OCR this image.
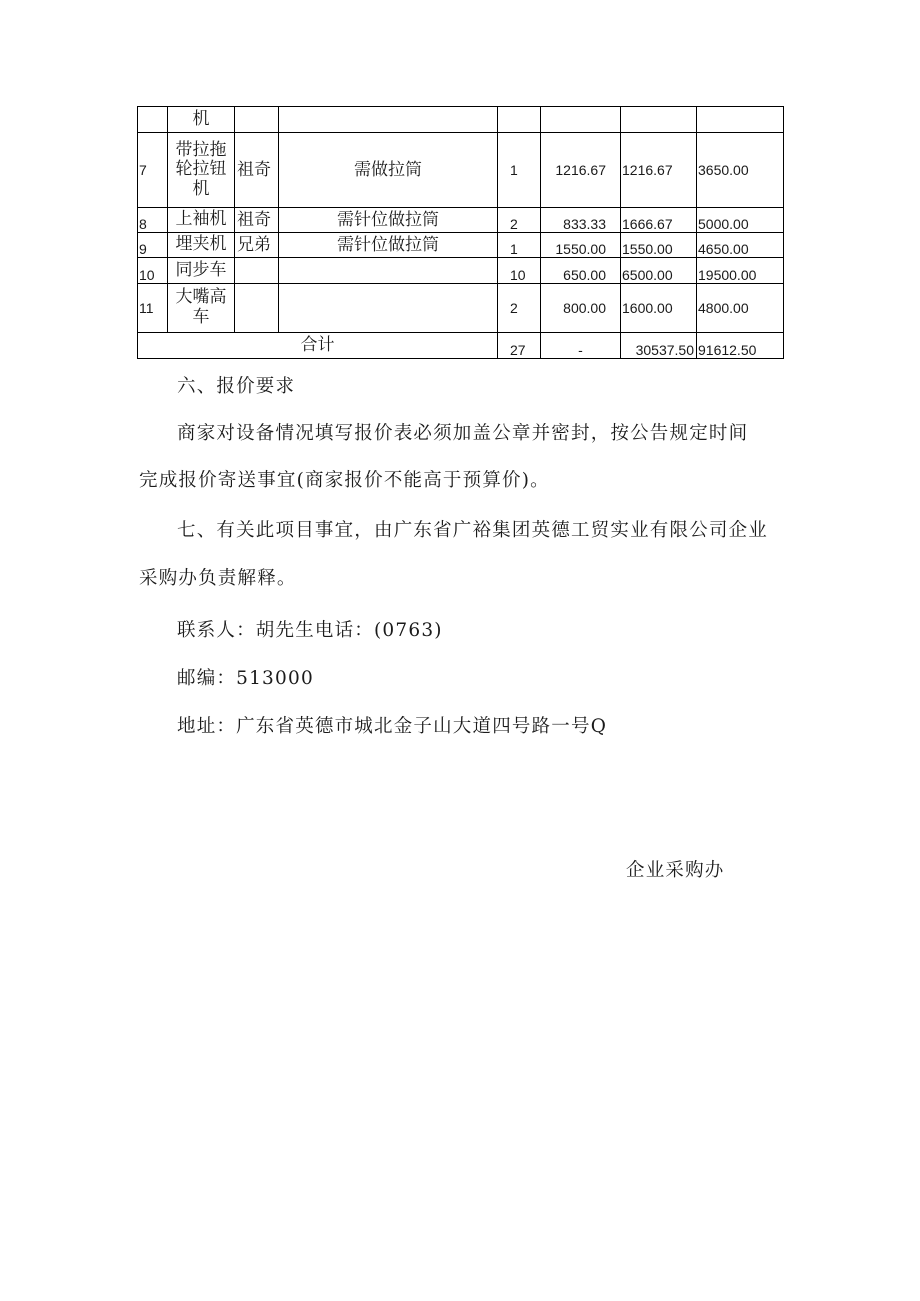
	机						
7	带拉拖轮拉钮机	祖奇	需做拉筒	1	1216.67	1216.67	3650.00
8	上袖机	祖奇	需针位做拉筒	2	833.33	1666.67	5000.00
9	埋夹机	兄弟	需针位做拉筒	1	1550.00	1550.00	4650.00
10	同步车			10	650.00	6500.00	19500.00
11	大嘴高车			2	800.00	1600.00	4800.00
合计				27	-	30537.50	91612.50

六、报价要求

商家对设备情况填写报价表必须加盖公章并密封，按公告规定时间

完成报价寄送事宜(商家报价不能高于预算价)。

七、有关此项目事宜，由广东省广裕集团英德工贸实业有限公司企业

采购办负责解释。

联系人：胡先生电话：(0763)

邮编：513000

地址：广东省英德市城北金子山大道四号路一号Q

企业采购办
